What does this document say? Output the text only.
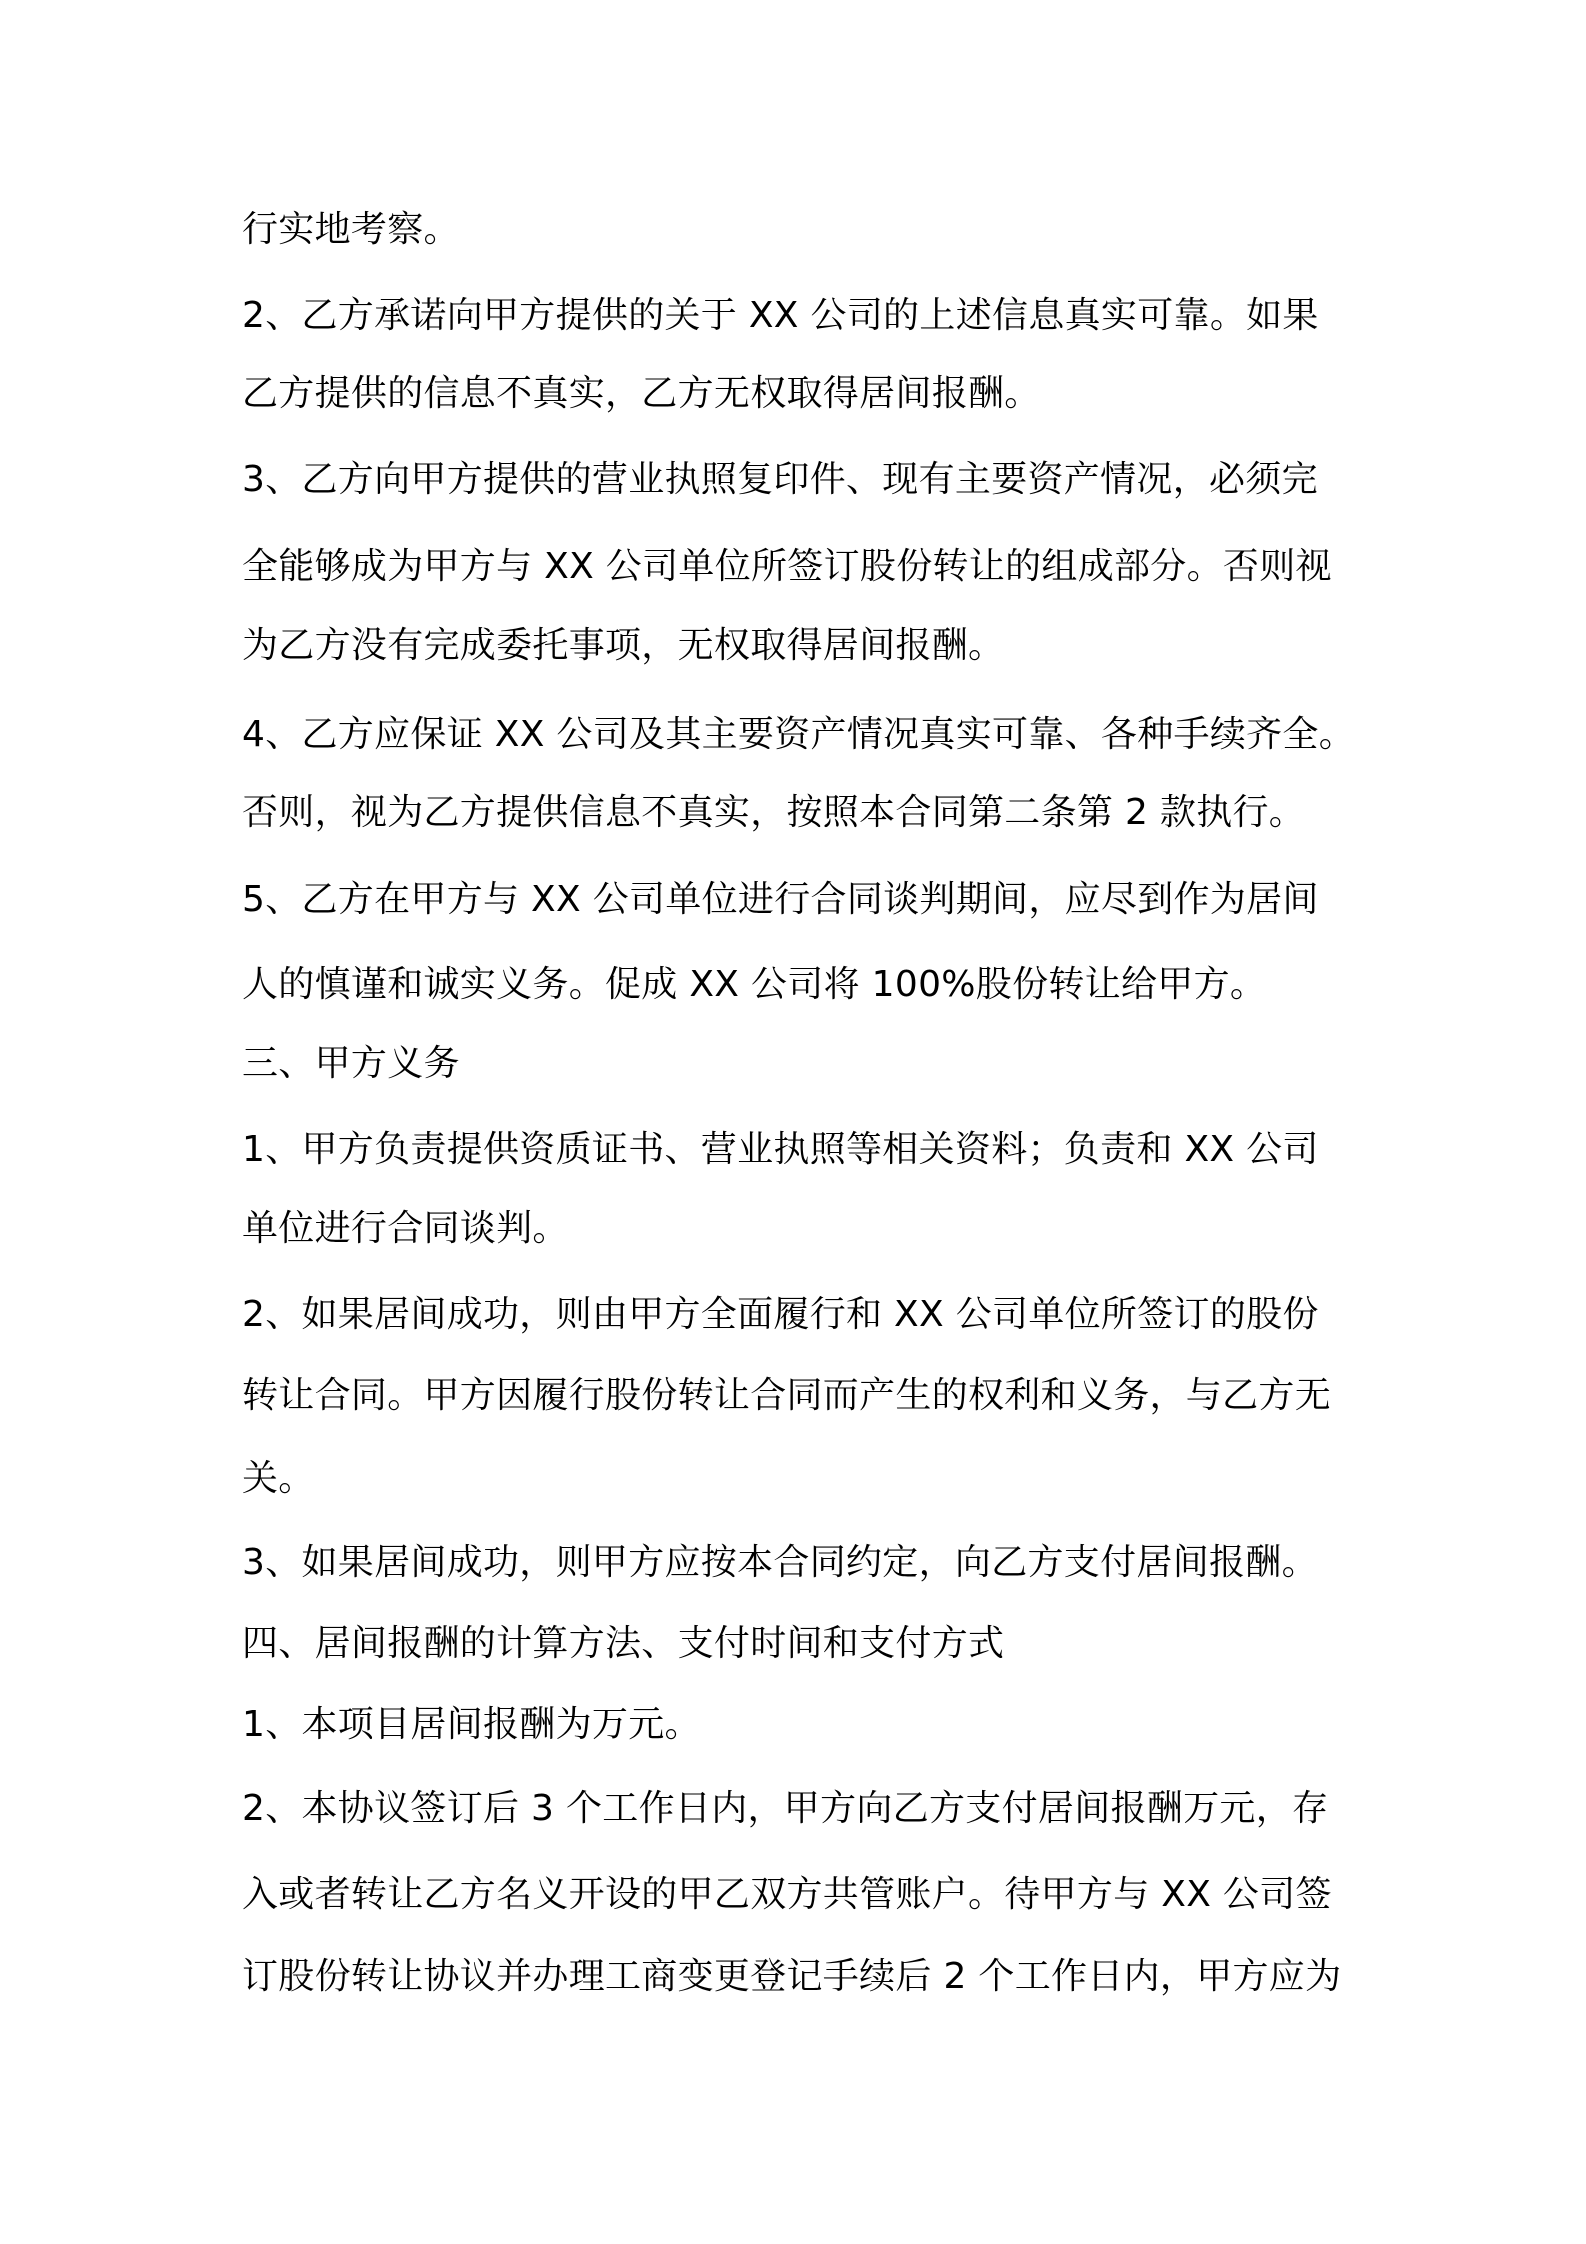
行实地考察。

2、乙方承诺向甲方提供的关于 XX 公司的上述信息真实可靠。如果

乙方提供的信息不真实，乙方无权取得居间报酬。

3、乙方向甲方提供的营业执照复印件、现有主要资产情况，必须完

全能够成为甲方与 XX 公司单位所签订股份转让的组成部分。否则视

为乙方没有完成委托事项，无权取得居间报酬。

4、乙方应保证 XX 公司及其主要资产情况真实可靠、各种手续齐全。

否则，视为乙方提供信息不真实，按照本合同第二条第 2 款执行。

5、乙方在甲方与 XX 公司单位进行合同谈判期间，应尽到作为居间

人的慎谨和诚实义务。促成 XX 公司将 100%股份转让给甲方。

三、甲方义务

1、甲方负责提供资质证书、营业执照等相关资料；负责和 XX 公司

单位进行合同谈判。

2、如果居间成功，则由甲方全面履行和 XX 公司单位所签订的股份

转让合同。甲方因履行股份转让合同而产生的权利和义务，与乙方无

关。

3、如果居间成功，则甲方应按本合同约定，向乙方支付居间报酬。

四、居间报酬的计算方法、支付时间和支付方式

1、本项目居间报酬为万元。

2、本协议签订后 3 个工作日内，甲方向乙方支付居间报酬万元，存

入或者转让乙方名义开设的甲乙双方共管账户。待甲方与 XX 公司签

订股份转让协议并办理工商变更登记手续后 2 个工作日内，甲方应为
